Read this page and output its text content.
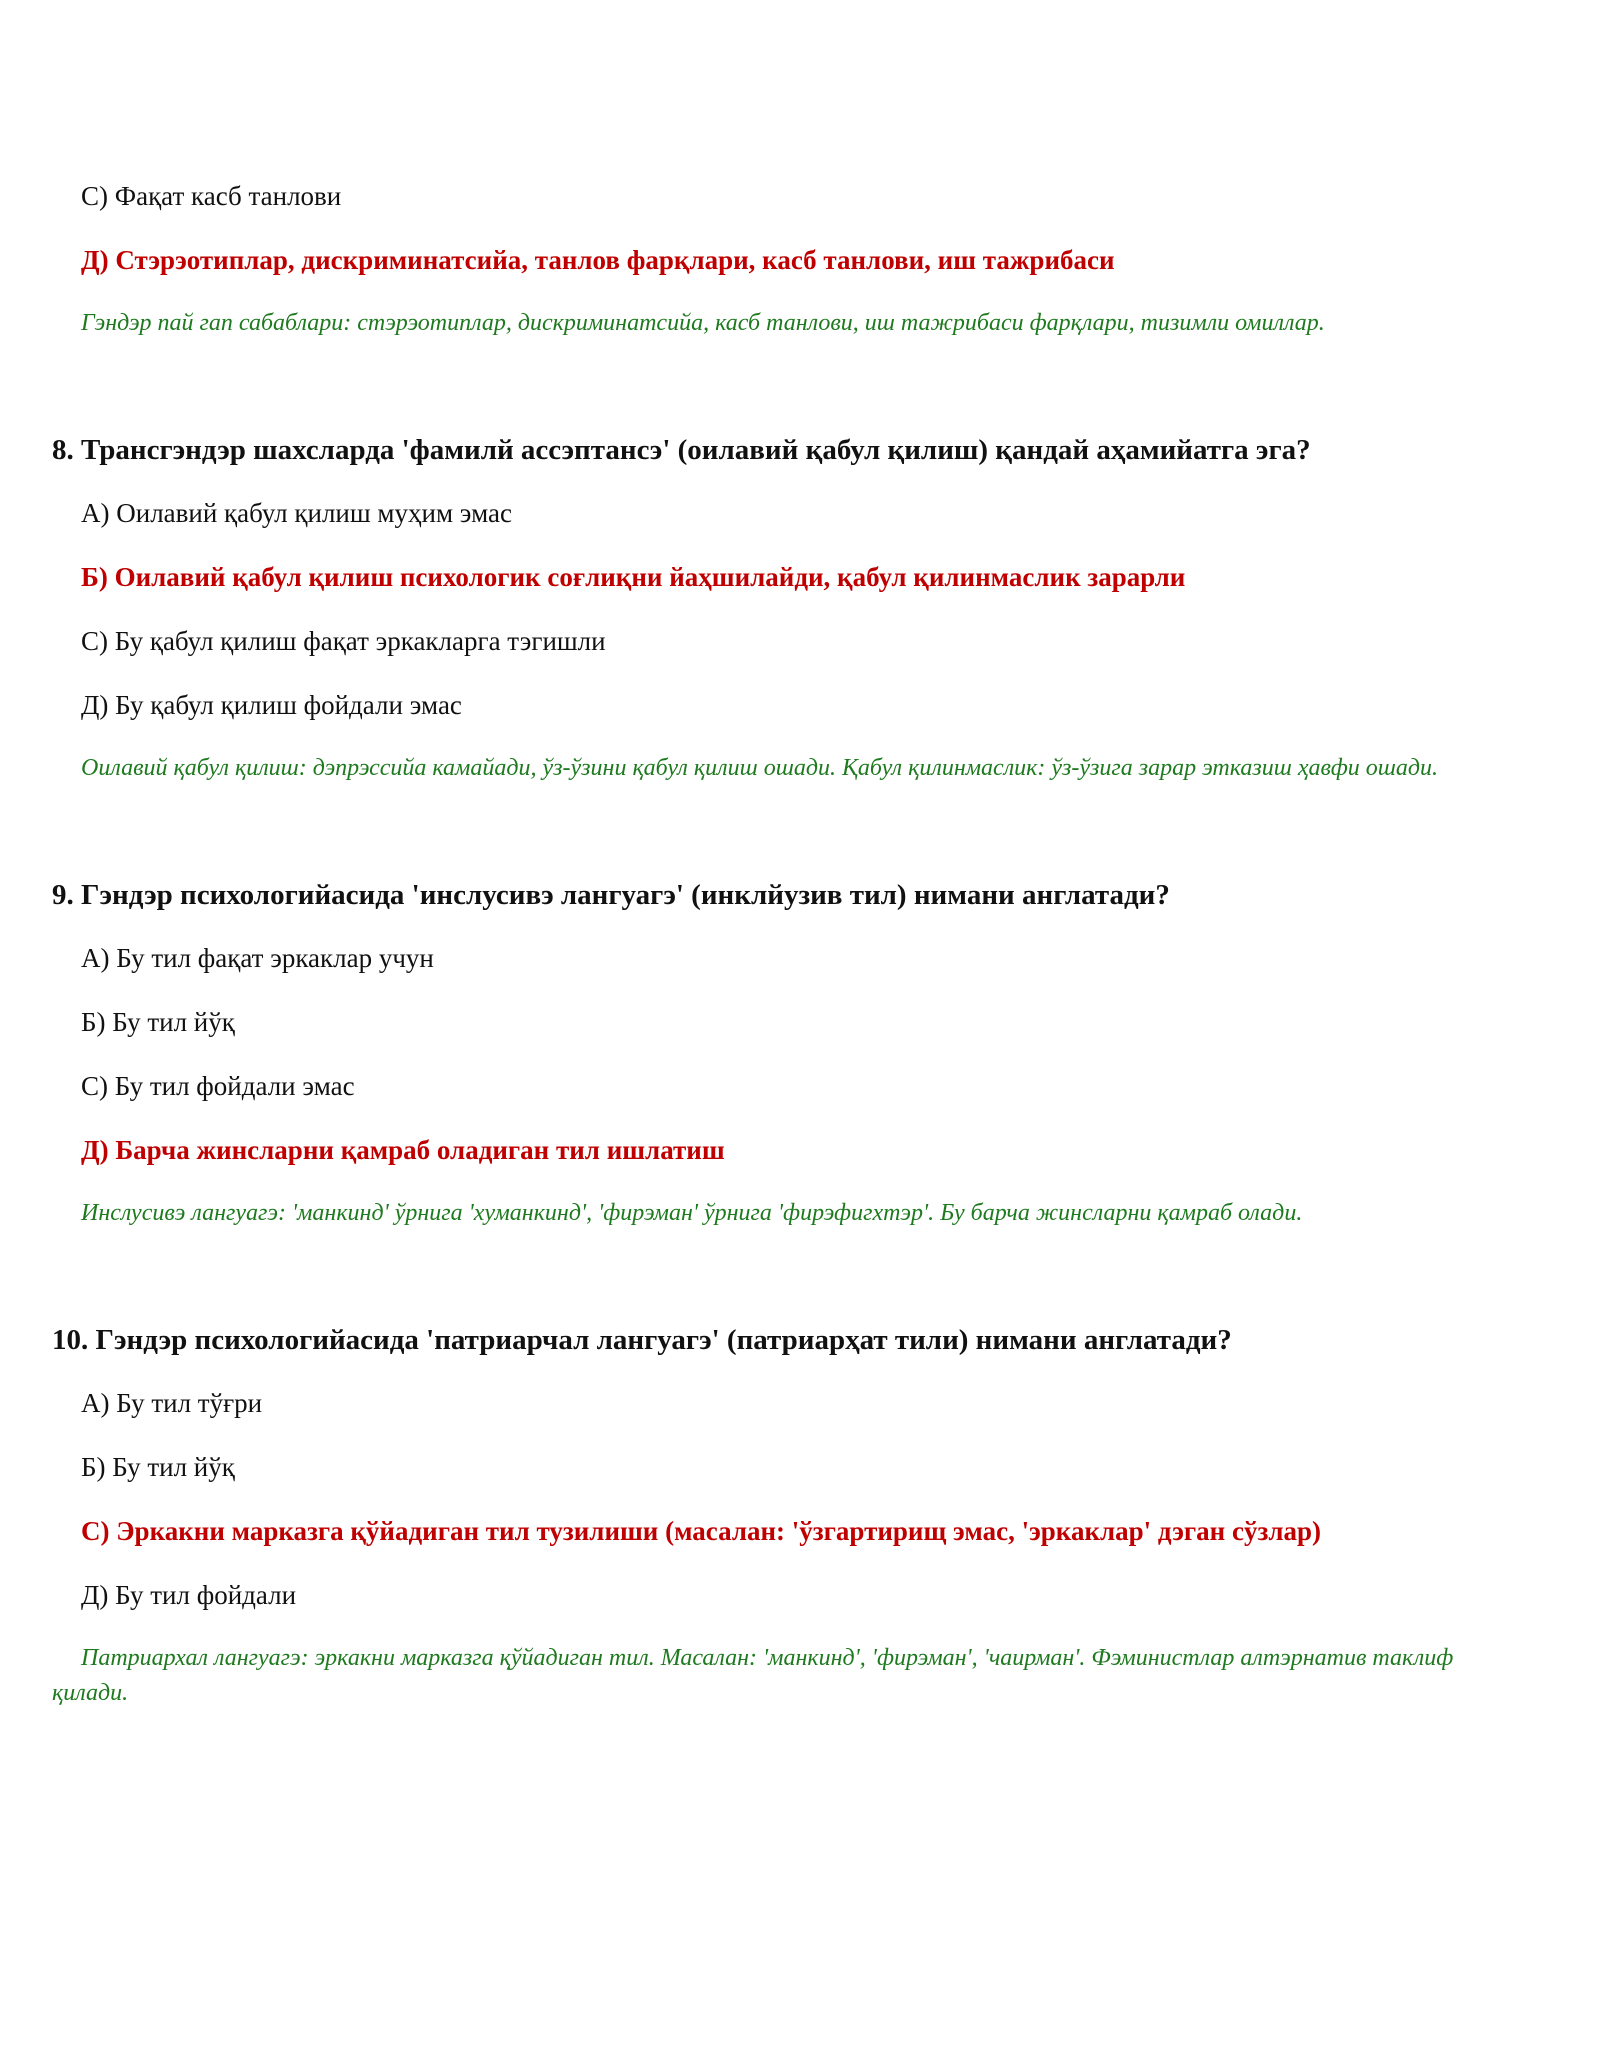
С) Фақат касб танлови
Д) Стэрэотиплар, дискриминатсийа, танлов фарқлари, касб танлови, иш тажрибаси

Гэндэр пай гап сабаблари: стэрэотиплар, дискриминатсийа, касб танлови, иш тажрибаси фарқлари, тизимли омиллар.

8. Трансгэндэр шахсларда 'фамилй ассэптансэ' (оилавий қабул қилиш) қандай аҳамийатга эга?
А) Оилавий қабул қилиш муҳим эмас
Б) Оилавий қабул қилиш психологик соғлиқни йаҳшилайди, қабул қилинмаслик зарарли
С) Бу қабул қилиш фақат эркакларга тэгишли
Д) Бу қабул қилиш фойдали эмас

Оилавий қабул қилиш: дэпрэссийа камайади, ўз-ўзини қабул қилиш ошади. Қабул қилинмаслик: ўз-ўзига зарар этказиш ҳавфи ошади.

9. Гэндэр психологийасида 'инслусивэ лангуагэ' (инклйузив тил) нимани англатади?
А) Бу тил фақат эркаклар учун
Б) Бу тил йўқ
С) Бу тил фойдали эмас
Д) Барча жинсларни қамраб оладиган тил ишлатиш

Инслусивэ лангуагэ: 'манкинд' ўрнига 'хуманкинд', 'фирэман' ўрнига 'фирэфигхтэр'. Бу барча жинсларни қамраб олади.

10. Гэндэр психологийасида 'патриарчал лангуагэ' (патриарҳат тили) нимани англатади?
А) Бу тил тўғри
Б) Бу тил йўқ
С) Эркакни марказга қўйадиган тил тузилиши (масалан: 'ўзгартирищ эмас, 'эркаклар' дэган сўзлар)
Д) Бу тил фойдали

Патриархал лангуагэ: эркакни марказга қўйадиган тил. Масалан: 'манкинд', 'фирэман', 'чаирман'. Фэминистлар алтэрнатив таклиф қилади.
